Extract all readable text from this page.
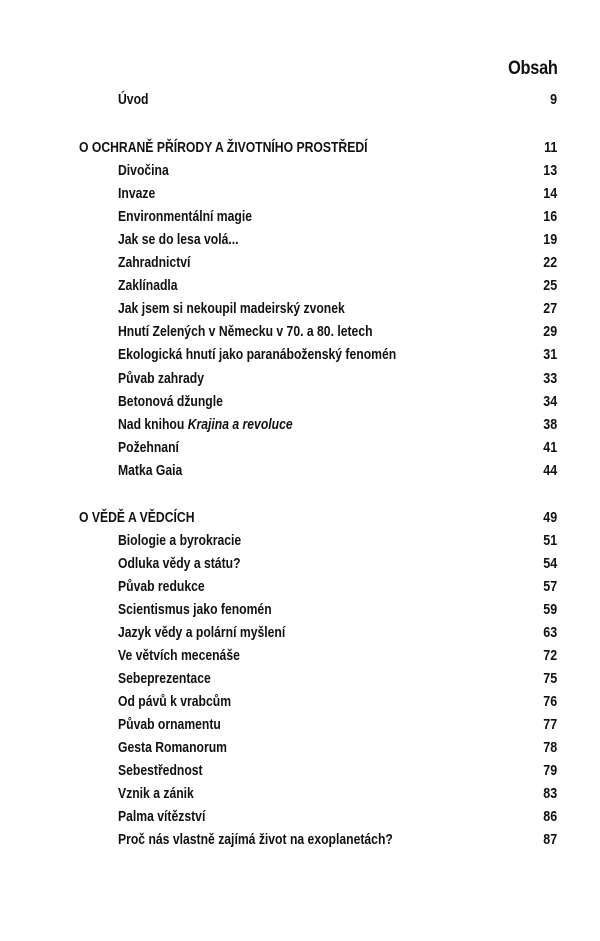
Obsah
Úvod	9
O OCHRANĚ PŘÍRODY A ŽIVOTNÍHO PROSTŘEDÍ	11
Divočina	13
Invaze	14
Environmentální magie	16
Jak se do lesa volá...	19
Zahradnictví	22
Zaklínadla	25
Jak jsem si nekoupil madeirský zvonek	27
Hnutí Zelených v Německu v 70. a 80. letech	29
Ekologická hnutí jako paranáboženský fenomén	31
Půvab zahrady	33
Betonová džungle	34
Nad knihou Krajina a revoluce	38
Požehnaní	41
Matka Gaia	44
O VĚDĚ A VĚDCÍCH	49
Biologie a byrokracie	51
Odluka vědy a státu?	54
Půvab redukce	57
Scientismus jako fenomén	59
Jazyk vědy a polární myšlení	63
Ve větvích mecenáše	72
Sebeprezentace	75
Od pávů k vrabcům	76
Půvab ornamentu	77
Gesta Romanorum	78
Sebestřednost	79
Vznik a zánik	83
Palma vítězství	86
Proč nás vlastně zajímá život na exoplanetách?	87
